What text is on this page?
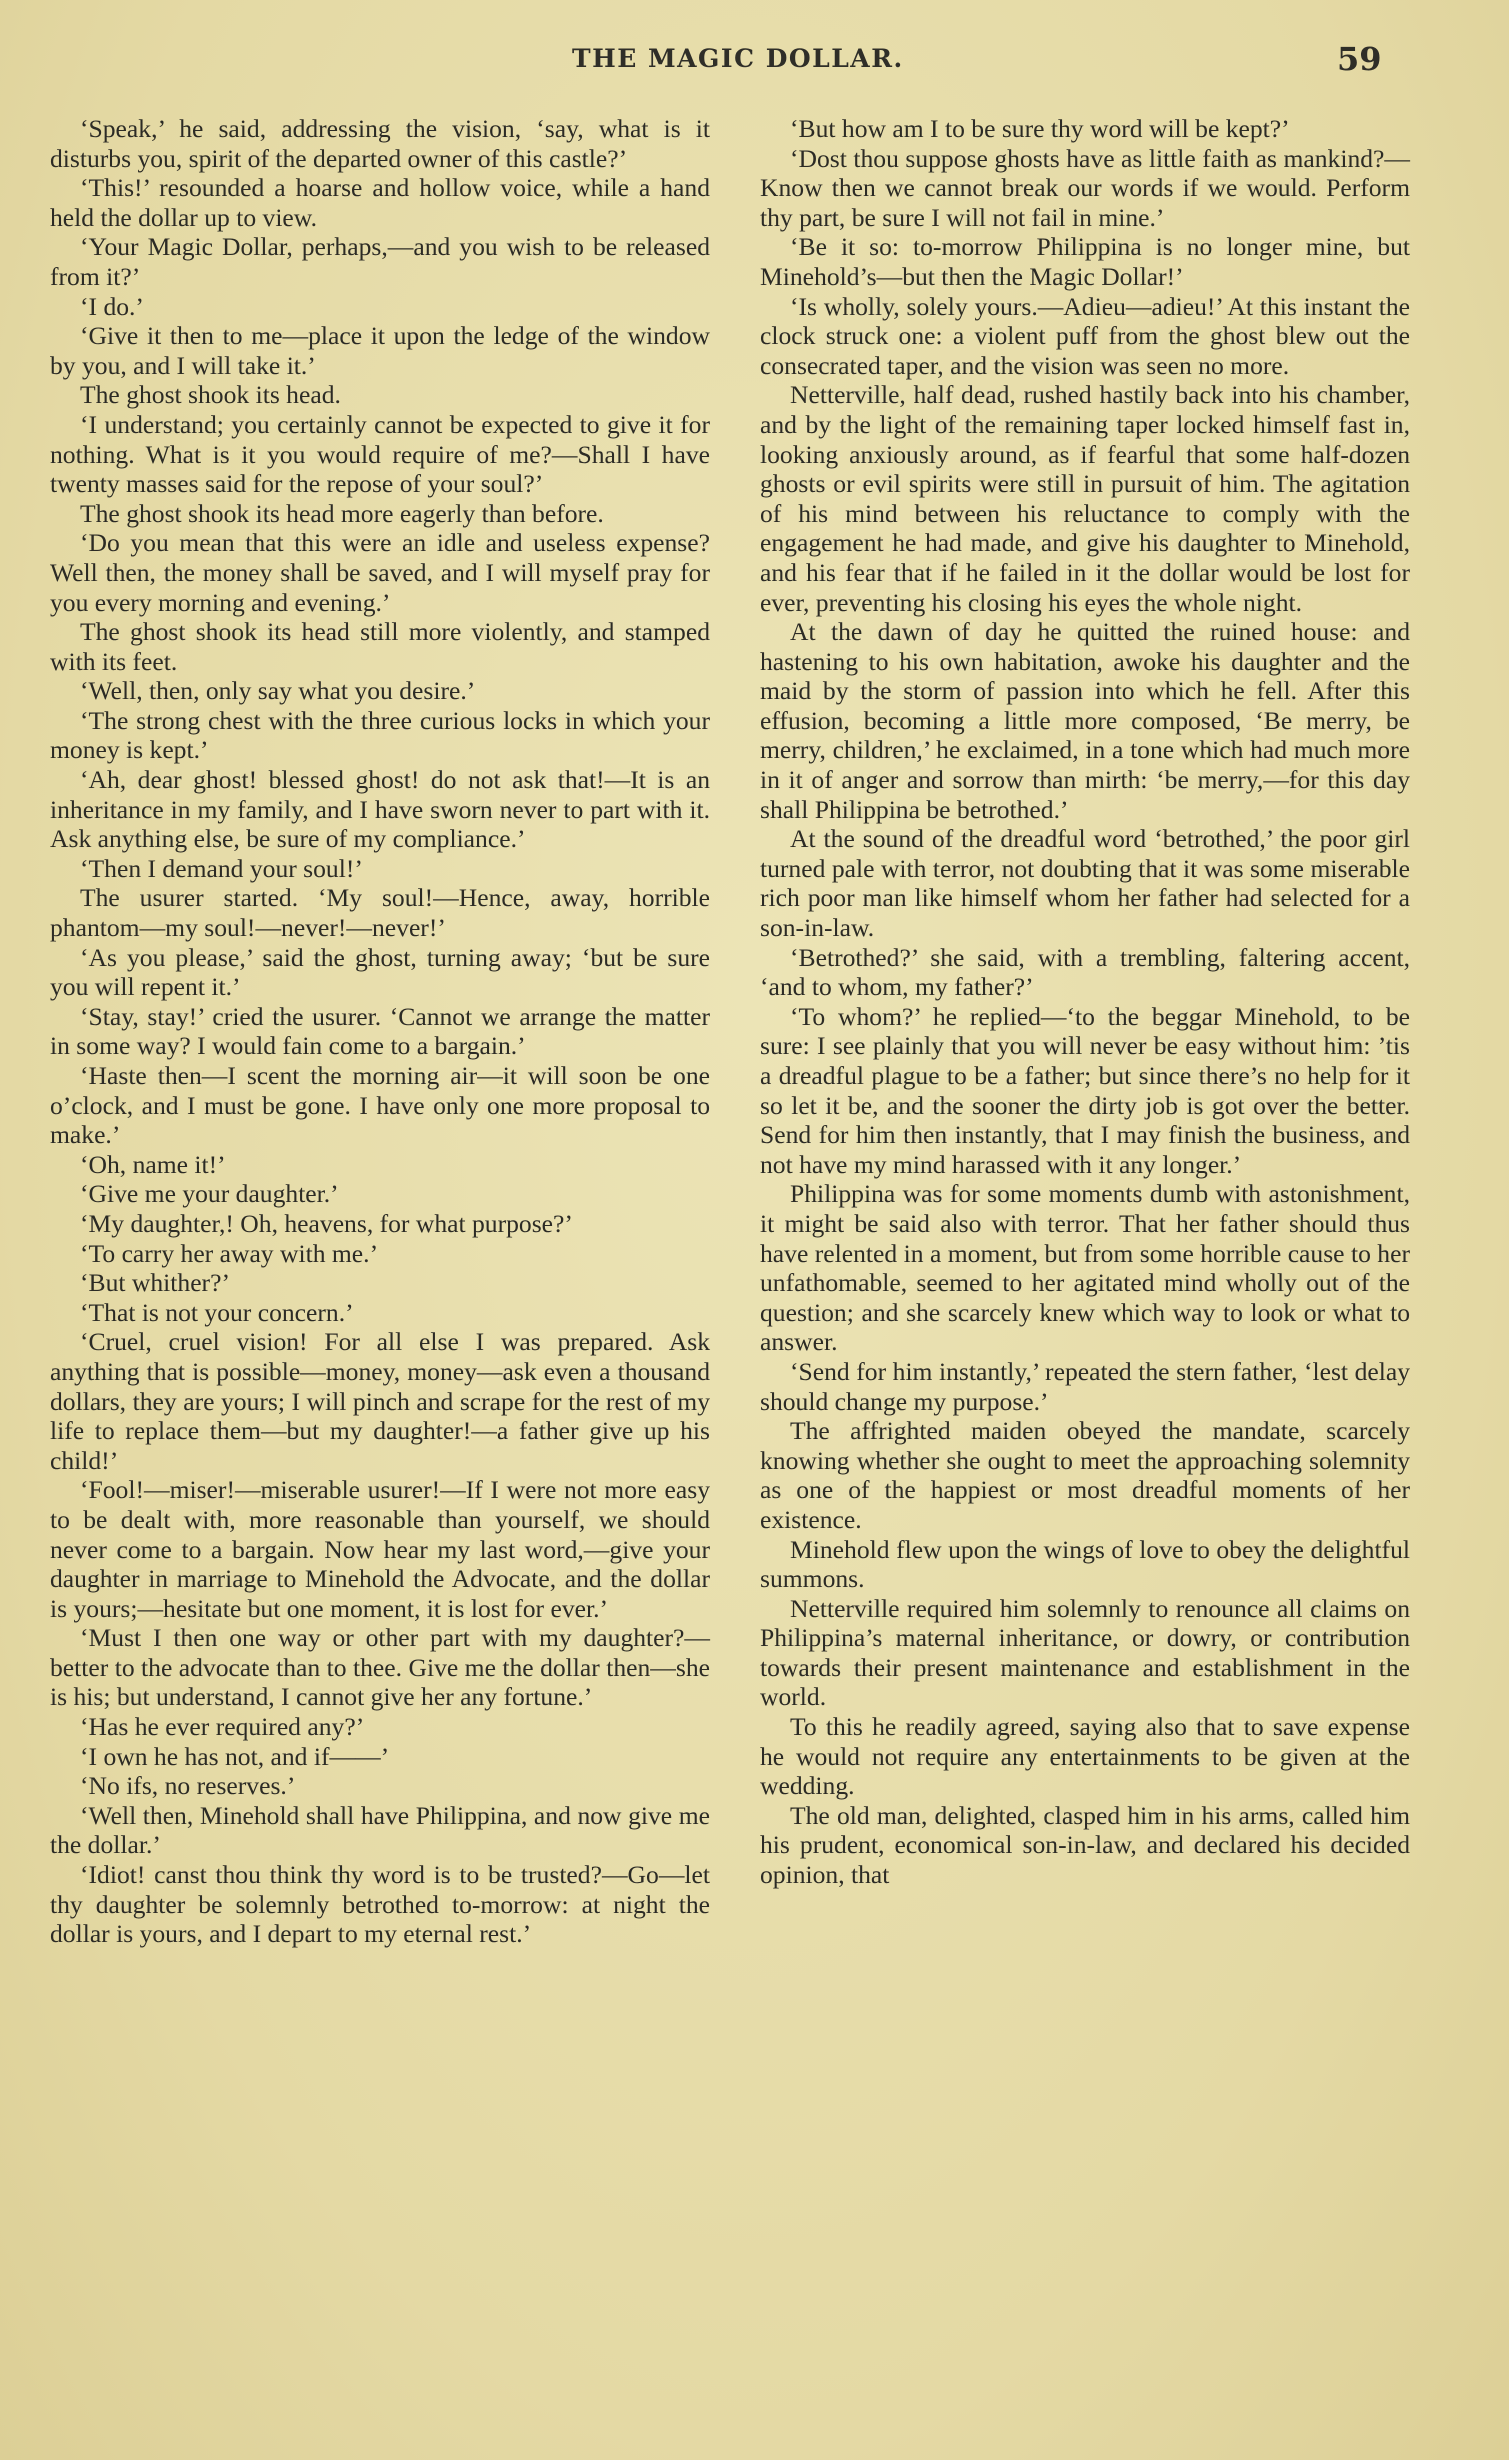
THE MAGIC DOLLAR.	59

‘Speak,’ he said, addressing the vision, ‘say, what is it disturbs you, spirit of the departed owner of this castle?’

‘This!’ resounded a hoarse and hollow voice, while a hand held the dollar up to view.

‘Your Magic Dollar, perhaps,—and you wish to be released from it?’

‘I do.’

‘Give it then to me—place it upon the ledge of the window by you, and I will take it.’

The ghost shook its head.

‘I understand; you certainly cannot be expected to give it for nothing. What is it you would require of me?—Shall I have twenty masses said for the repose of your soul?’

The ghost shook its head more eagerly than before.

‘Do you mean that this were an idle and useless expense? Well then, the money shall be saved, and I will myself pray for you every morning and evening.’

The ghost shook its head still more violently, and stamped with its feet.

‘Well, then, only say what you desire.’

‘The strong chest with the three curious locks in which your money is kept.’

‘Ah, dear ghost! blessed ghost! do not ask that!—It is an inheritance in my family, and I have sworn never to part with it. Ask anything else, be sure of my compliance.’

‘Then I demand your soul!’

The usurer started. ‘My soul!—Hence, away, horrible phantom—my soul!—never!—never!’

‘As you please,’ said the ghost, turning away; ‘but be sure you will repent it.’

‘Stay, stay!’ cried the usurer. ‘Cannot we arrange the matter in some way? I would fain come to a bargain.’

‘Haste then—I scent the morning air—it will soon be one o’clock, and I must be gone. I have only one more proposal to make.’

‘Oh, name it!’

‘Give me your daughter.’

‘My daughter,! Oh, heavens, for what purpose?’

‘To carry her away with me.’

‘But whither?’

‘That is not your concern.’

‘Cruel, cruel vision! For all else I was prepared. Ask anything that is possible—money, money—ask even a thousand dollars, they are yours; I will pinch and scrape for the rest of my life to replace them—but my daughter!—a father give up his child!’

‘Fool!—miser!—miserable usurer!—If I were not more easy to be dealt with, more reasonable than yourself, we should never come to a bargain. Now hear my last word,—give your daughter in marriage to Minehold the Advocate, and the dollar is yours;—hesitate but one moment, it is lost for ever.’

‘Must I then one way or other part with my daughter?—better to the advocate than to thee. Give me the dollar then—she is his; but understand, I cannot give her any fortune.’

‘Has he ever required any?’

‘I own he has not, and if——’

‘No ifs, no reserves.’

‘Well then, Minehold shall have Philippina, and now give me the dollar.’

‘Idiot! canst thou think thy word is to be trusted?—Go—let thy daughter be solemnly betrothed to-morrow: at night the dollar is yours, and I depart to my eternal rest.’

‘But how am I to be sure thy word will be kept?’

‘Dost thou suppose ghosts have as little faith as mankind?—Know then we cannot break our words if we would. Perform thy part, be sure I will not fail in mine.’

‘Be it so: to-morrow Philippina is no longer mine, but Minehold’s—but then the Magic Dollar!’

‘Is wholly, solely yours.—Adieu—adieu!’ At this instant the clock struck one: a violent puff from the ghost blew out the consecrated taper, and the vision was seen no more.

Netterville, half dead, rushed hastily back into his chamber, and by the light of the remaining taper locked himself fast in, looking anxiously around, as if fearful that some half-dozen ghosts or evil spirits were still in pursuit of him. The agitation of his mind between his reluctance to comply with the engagement he had made, and give his daughter to Minehold, and his fear that if he failed in it the dollar would be lost for ever, preventing his closing his eyes the whole night.

At the dawn of day he quitted the ruined house: and hastening to his own habitation, awoke his daughter and the maid by the storm of passion into which he fell. After this effusion, becoming a little more composed, ‘Be merry, be merry, children,’ he exclaimed, in a tone which had much more in it of anger and sorrow than mirth: ‘be merry,—for this day shall Philippina be betrothed.’

At the sound of the dreadful word ‘betrothed,’ the poor girl turned pale with terror, not doubting that it was some miserable rich poor man like himself whom her father had selected for a son-in-law.

‘Betrothed?’ she said, with a trembling, faltering accent, ‘and to whom, my father?’

‘To whom?’ he replied—‘to the beggar Minehold, to be sure: I see plainly that you will never be easy without him: ’tis a dreadful plague to be a father; but since there’s no help for it so let it be, and the sooner the dirty job is got over the better. Send for him then instantly, that I may finish the business, and not have my mind harassed with it any longer.’

Philippina was for some moments dumb with astonishment, it might be said also with terror. That her father should thus have relented in a moment, but from some horrible cause to her unfathomable, seemed to her agitated mind wholly out of the question; and she scarcely knew which way to look or what to answer.

‘Send for him instantly,’ repeated the stern father, ‘lest delay should change my purpose.’

The affrighted maiden obeyed the mandate, scarcely knowing whether she ought to meet the approaching solemnity as one of the happiest or most dreadful moments of her existence.

Minehold flew upon the wings of love to obey the delightful summons.

Netterville required him solemnly to renounce all claims on Philippina’s maternal inheritance, or dowry, or contribution towards their present maintenance and establishment in the world.

To this he readily agreed, saying also that to save expense he would not require any entertainments to be given at the wedding.

The old man, delighted, clasped him in his arms, called him his prudent, economical son-in-law, and declared his decided opinion, that
